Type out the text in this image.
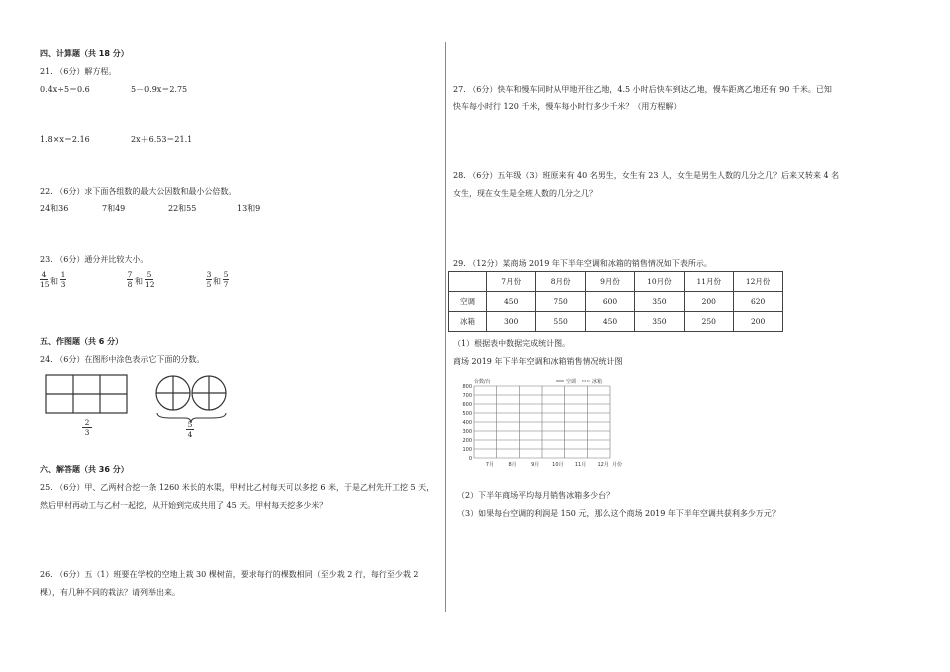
四、计算题（共 18 分）
21. （6分）解方程。
0.4x÷5＝0.6	5－0.9x＝2.75
1.8×x＝2.16	2x＋6.53＝21.1
22. （6分）求下面各组数的最大公因数和最小公倍数。
24和36	7和49	22和55	13和9
23. （6分）通分并比较大小。
4
15 和
1
3
7
8 和
5
12
3
5 和
5
7
五、作图题（共 6 分）
24. （6分）在图形中涂色表示它下面的分数。
2
3
5
4
六、解答题（共 36 分）
25. （6分）甲、乙两村合挖一条 1260 米长的水渠，甲村比乙村每天可以多挖 6 米，于是乙村先开工挖 5 天，
然后甲村再动工与乙村一起挖，从开始到完成共用了 45 天。甲村每天挖多少米？
26. （6分）五（1）班要在学校的空地上栽 30 棵树苗，要求每行的棵数相同（至少栽 2 行，每行至少栽 2
棵），有几种不同的栽法？请列举出来。
27. （6分）快车和慢车同时从甲地开往乙地，4.5 小时后快车到达乙地，慢车距离乙地还有 90 千米。已知
快车每小时行 120 千米，慢车每小时行多少千米？（用方程解）
28. （6分）五年级（3）班原来有 40 名男生，女生有 23 人，女生是男生人数的几分之几？后来又转来 4 名
女生，现在女生是全班人数的几分之几？
29. （12分）某商场 2019 年下半年空调和冰箱的销售情况如下表所示。
	7月份	8月份	9月份	10月份	11月份	12月份
空调	450	750	600	350	200	620
冰箱	300	550	450	350	250	200
（1）根据表中数据完成统计图。
商场 2019 年下半年空调和冰箱销售情况统计图
0
100
200
300
400
500
600
700
800
7月	8月	9月	10月 11月 12月 月份
台数/台	空调	冰箱
（2）下半年商场平均每月销售冰箱多少台？
（3）如果每台空调的利润是 150 元，那么这个商场 2019 年下半年空调共获利多少万元？
